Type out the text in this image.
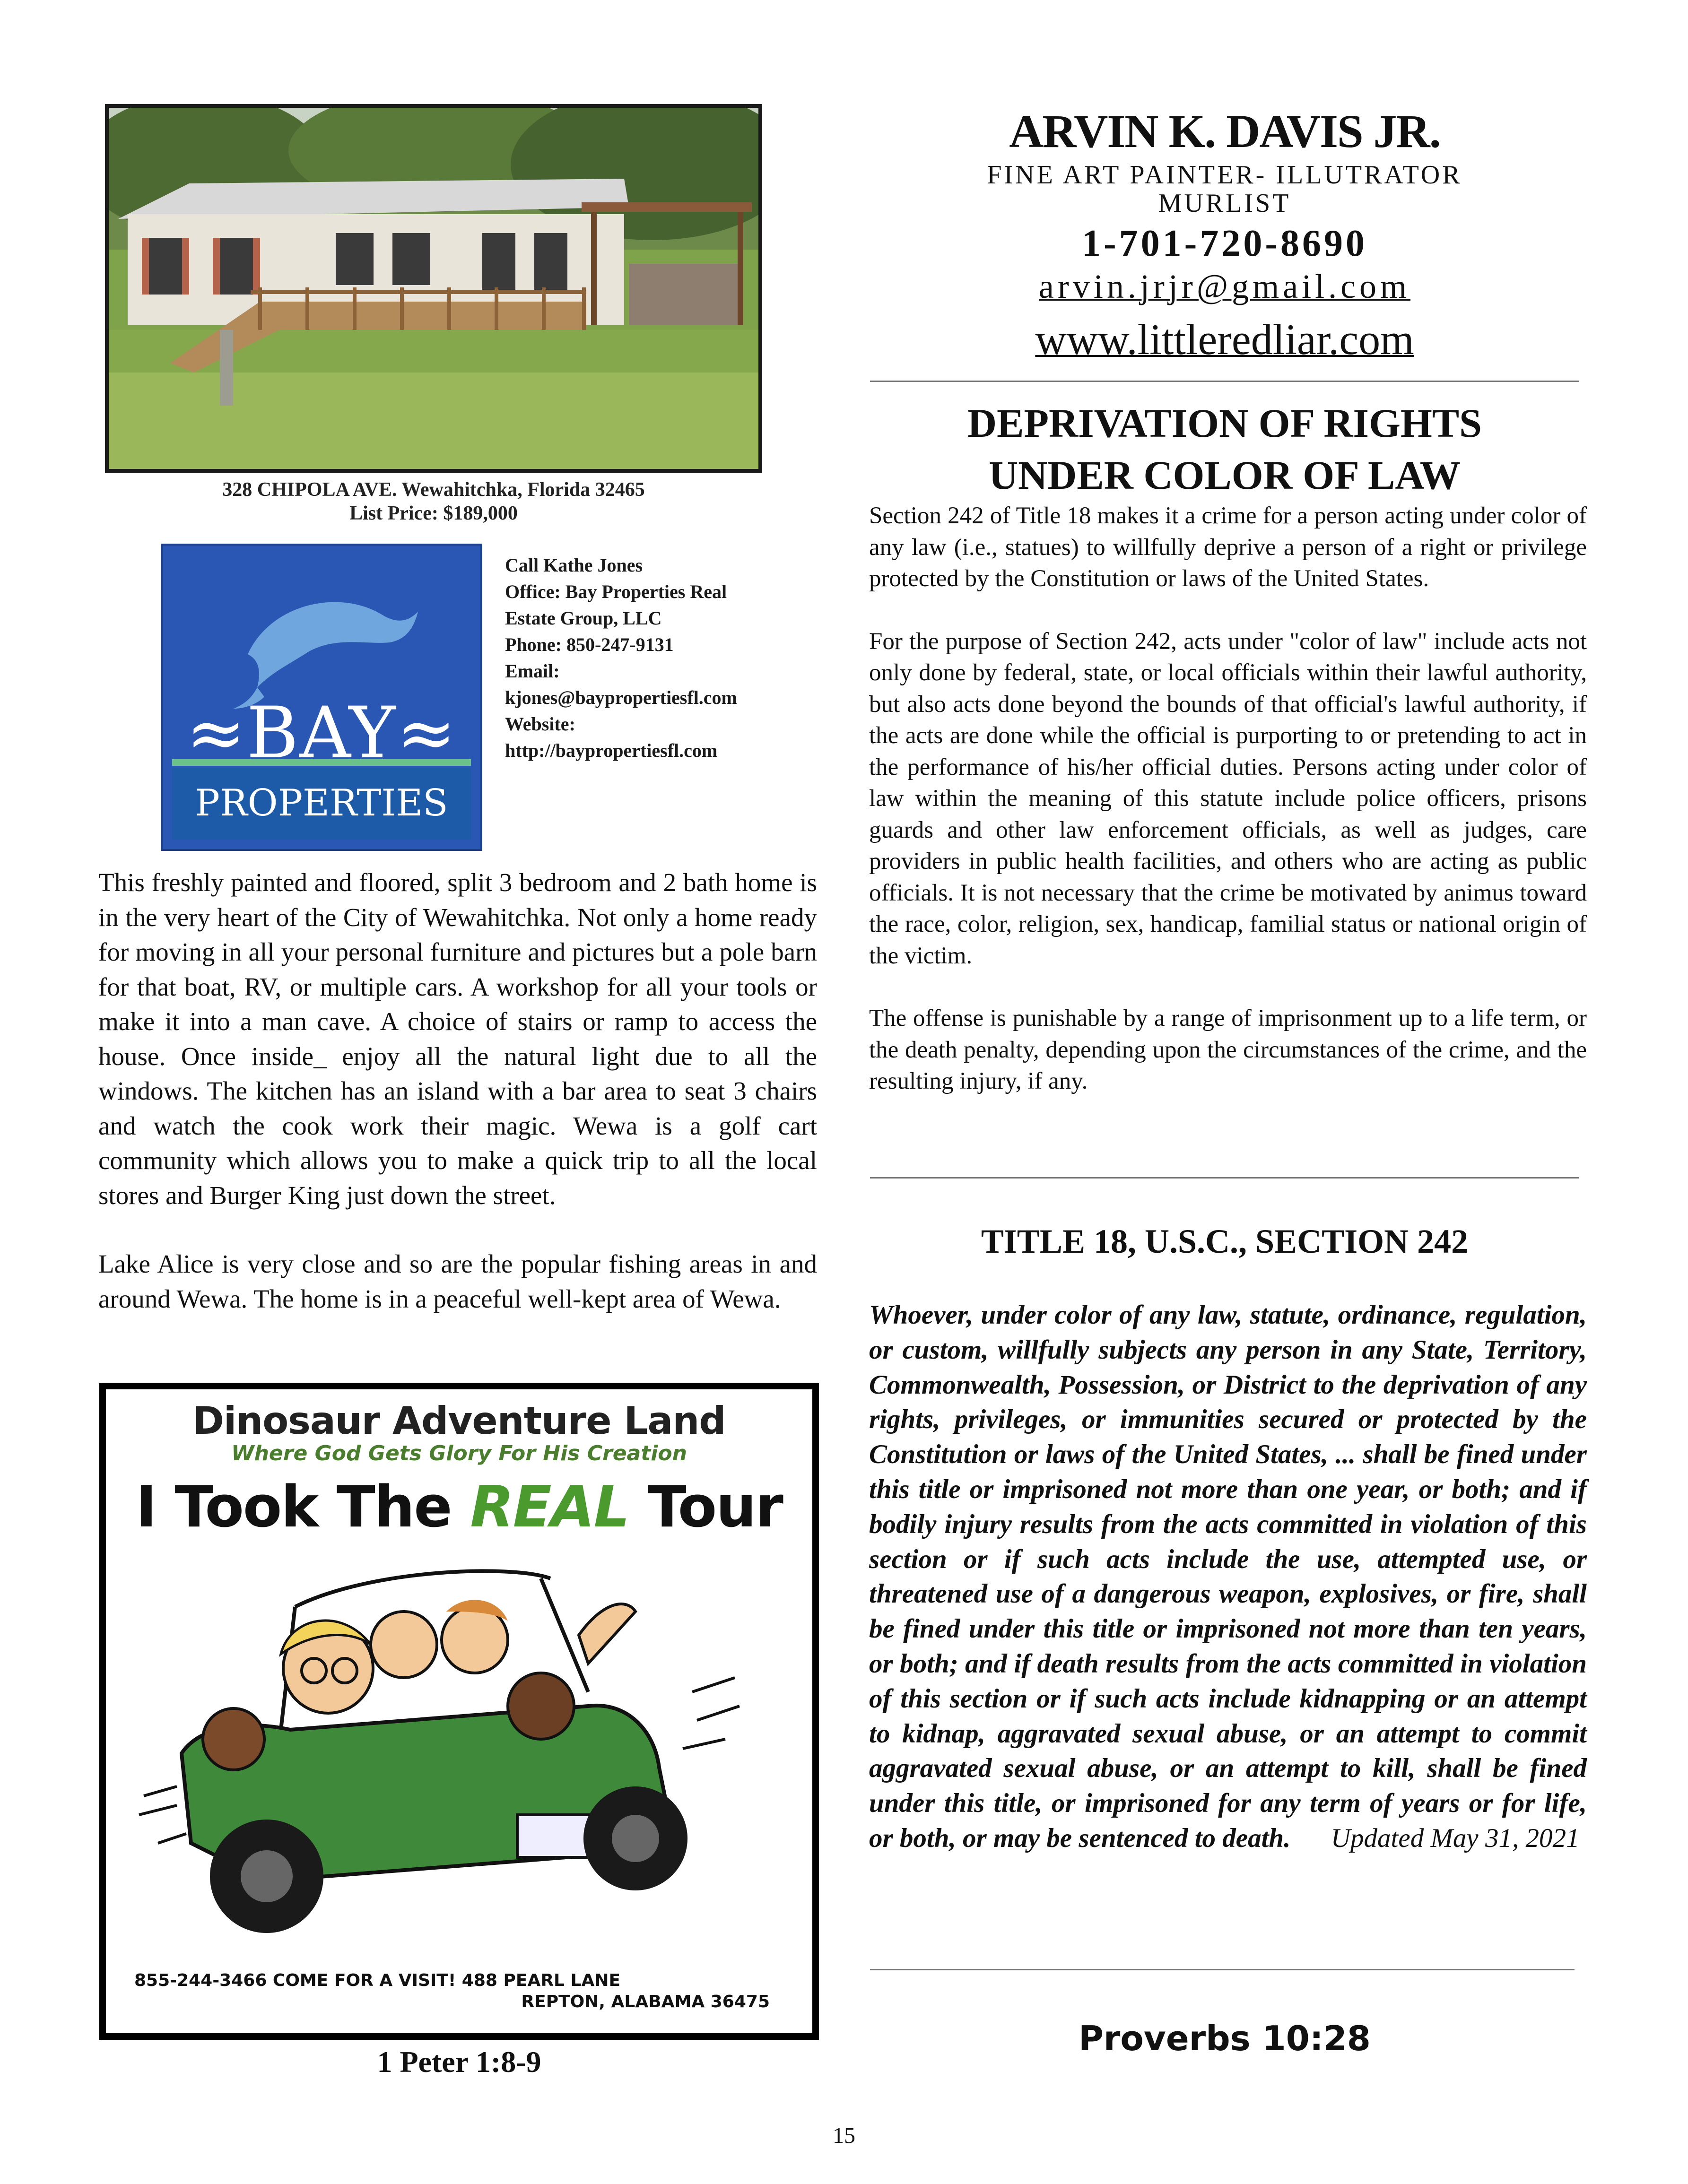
328 CHIPOLA AVE. Wewahitchka, Florida 32465
List Price: $189,000
≈BAY≈
PROPERTIES
Call Kathe Jones
Office: Bay Properties Real
Estate Group, LLC
Phone: 850-247-9131
Email:
kjones@baypropertiesfl.com
Website:
http://baypropertiesfl.com

This freshly painted and floored, split 3 bedroom and 2 bath home is in the very heart of the City of Wewahitchka. Not only a home ready for moving in all your personal furniture and pictures but a pole barn for that boat, RV, or multiple cars. A workshop for all your tools or make it into a man cave. A choice of stairs or ramp to access the house. Once inside_ enjoy all the natural light due to all the windows. The kitchen has an island with a bar area to seat 3 chairs and watch the cook work their magic. Wewa is a golf cart community which allows you to make a quick trip to all the local stores and Burger King just down the street.

Lake Alice is very close and so are the popular fishing areas in and around Wewa. The home is in a peaceful well-kept area of Wewa.

Dinosaur Adventure Land
Where God Gets Glory For His Creation
I Took The REAL Tour
855-244-3466 COME FOR A VISIT! 488 PEARL LANE
REPTON, ALABAMA 36475
1 Peter 1:8-9
ARVIN K. DAVIS JR.
FINE ART PAINTER- ILLUTRATOR
MURLIST
1-701-720-8690
arvin.jrjr@gmail.com
www.littleredliar.com
DEPRIVATION OF RIGHTS
UNDER COLOR OF LAW

Section 242 of Title 18 makes it a crime for a person acting under color of any law (i.e., statues) to willfully deprive a person of a right or privilege protected by the Constitution or laws of the United States.

For the purpose of Section 242, acts under "color of law" include acts not only done by federal, state, or local officials within their lawful authority, but also acts done beyond the bounds of that official's lawful authority, if the acts are done while the official is purporting to or pretending to act in the performance of his/her official duties. Persons acting under color of law within the meaning of this statute include police officers, prisons guards and other law enforcement officials, as well as judges, care providers in public health facilities, and others who are acting as public officials. It is not necessary that the crime be motivated by animus toward the race, color, religion, sex, handicap, familial status or national origin of the victim.

The offense is punishable by a range of imprisonment up to a life term, or the death penalty, depending upon the circumstances of the crime, and the resulting injury, if any.

TITLE 18, U.S.C., SECTION 242
Whoever, under color of any law, statute, ordinance, regulation, or custom, willfully subjects any person in any State, Territory, Commonwealth, Possession, or District to the deprivation of any rights, privileges, or immunities secured or protected by the Constitution or laws of the United States, ... shall be fined under this title or imprisoned not more than one year, or both; and if bodily injury results from the acts committed in violation of this section or if such acts include the use, attempted use, or threatened use of a dangerous weapon, explosives, or fire, shall be fined under this title or imprisoned not more than ten years, or both; and if death results from the acts committed in violation of this section or if such acts include kidnapping or an attempt to kidnap, aggravated sexual abuse, or an attempt to commit aggravated sexual abuse, or an attempt to kill, shall be fined under this title, or imprisoned for any term of years or for life, or both, or may be sentenced to death. Updated May 31, 2021
Proverbs 10:28
15
